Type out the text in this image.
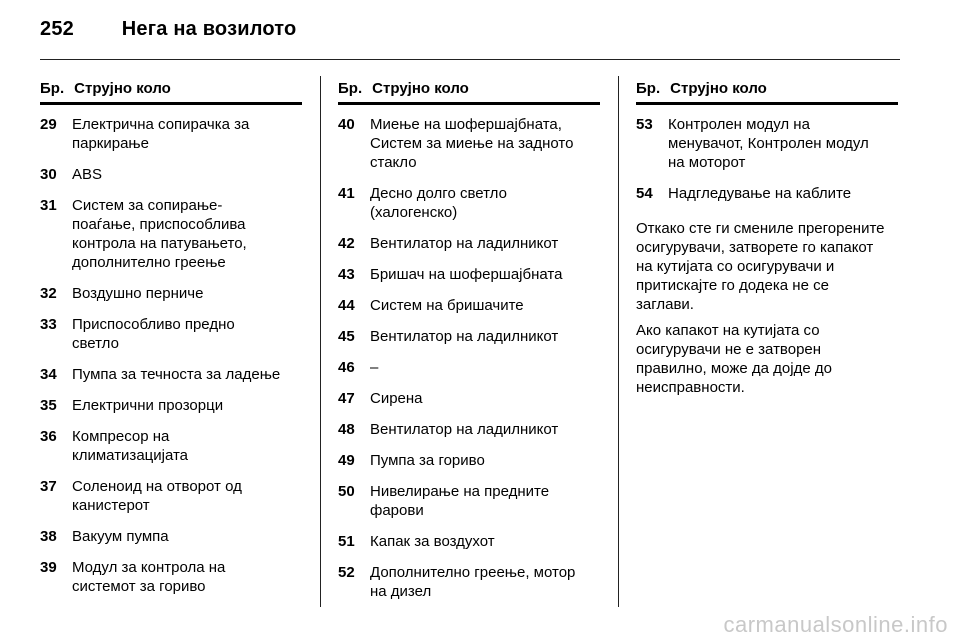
252 Нега на возилото
Бр. Струјно коло
29	Електрична сопирачка за
паркирање
30	ABS
31	Систем за сопирање-
поаѓање, приспособлива
контрола на патувањето,
дополнително греење
32	Воздушно перниче
33	Приспособливо предно
светло
34	Пумпа за течноста за ладење
35	Електрични прозорци
36	Компресор на
климатизацијата
37	Соленоид на отворот од
канистерот
38	Вакуум пумпа
39	Модул за контрола на
системот за гориво
Бр. Струјно коло
40	Миење на шофершајбната,
Систем за миење на задното
стакло
41	Десно долго светло
(халогенско)
42	Вентилатор на ладилникот
43	Бришач на шофершајбната
44	Систем на бришачите
45	Вентилатор на ладилникот
46	–
47	Сирена
48	Вентилатор на ладилникот
49	Пумпа за гориво
50	Нивелирање на предните
фарови
51	Капак за воздухот
52	Дополнително греење, мотор
на дизел
Бр. Струјно коло
53	Контролен модул на
менувачот, Контролен модул
на моторот
54	Надгледување на каблите
Откако сте ги смениле прегорените
осигурувачи, затворете го капакот
на кутијата со осигурувачи и
притискајте го додека не се
заглави.
Ако капакот на кутијата со
осигурувачи не е затворен
правилно, може да дојде до
неисправности.
carmanualsonline.info
